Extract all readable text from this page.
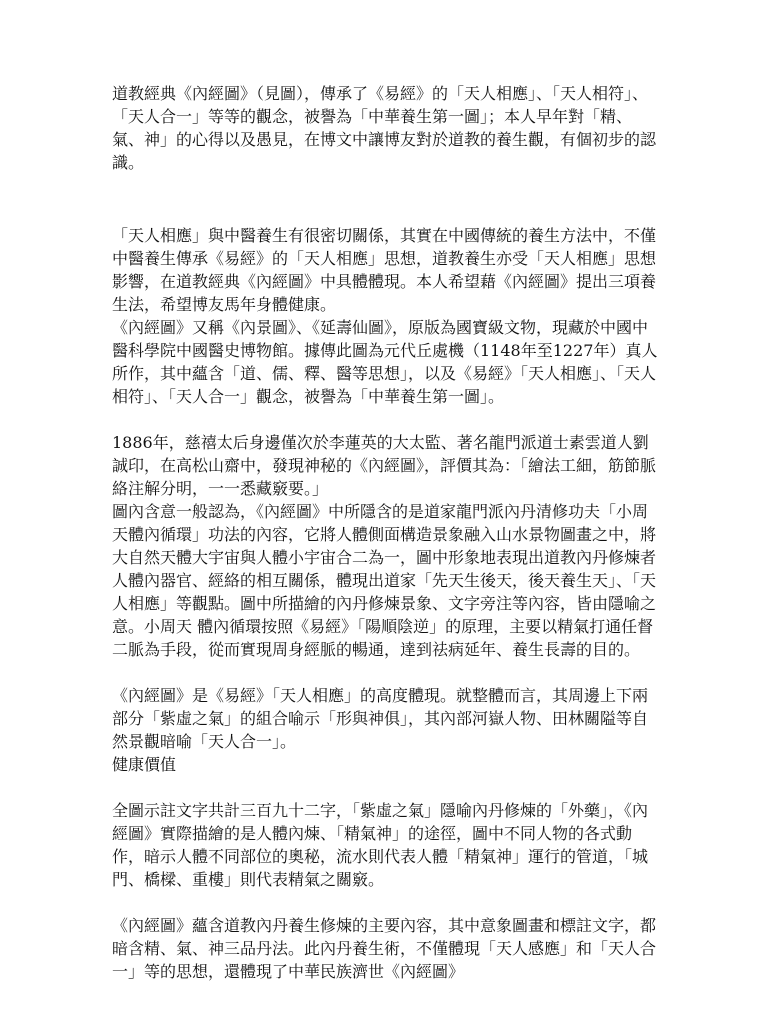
道教經典《內經圖》（見圖），傳承了《易經》的「天人相應」、「天人相符」、「天人合一」等等的觀念，被譽為「中華養生第一圖」；本人早年對「精、氣、神」的心得以及愚見，在博文中讓博友對於道教的養生觀，有個初步的認識。

「天人相應」與中醫養生有很密切關係，其實在中國傳統的養生方法中，不僅中醫養生傳承《易經》的「天人相應」思想，道教養生亦受「天人相應」思想影響，在道教經典《內經圖》中具體體現。本人希望藉《內經圖》提出三項養生法，希望博友馬年身體健康。

《內經圖》又稱《內景圖》、《延壽仙圖》，原版為國寶級文物，現藏於中國中醫科學院中國醫史博物館。據傳此圖為元代丘處機（1148年至1227年）真人所作，其中蘊含「道、儒、釋、醫等思想」，以及《易經》「天人相應」、「天人相符」、「天人合一」觀念，被譽為「中華養生第一圖」。

1886年，慈禧太后身邊僅次於李蓮英的大太監、著名龍門派道士素雲道人劉誠印，在高松山齋中，發現神秘的《內經圖》，評價其為：「繪法工細，筋節脈絡注解分明，一一悉藏竅要。」

圖內含意一般認為，《內經圖》中所隱含的是道家龍門派內丹清修功夫「小周天體內循環」功法的內容，它將人體側面構造景象融入山水景物圖畫之中，將大自然天體大宇宙與人體小宇宙合二為一，圖中形象地表現出道教內丹修煉者人體內器官、經絡的相互關係，體現出道家「先天生後天，後天養生天」、「天人相應」等觀點。圖中所描繪的內丹修煉景象、文字旁注等內容，皆由隱喻之意。小周天 體內循環按照《易經》「陽順陰逆」的原理，主要以精氣打通任督二脈為手段，從而實現周身經脈的暢通，達到祛病延年、養生長壽的目的。

《內經圖》是《易經》「天人相應」的高度體現。就整體而言，其周邊上下兩部分「紫虛之氣」的組合喻示「形與神俱」，其內部河嶽人物、田林關隘等自然景觀暗喻「天人合一」。

健康價值

全圖示註文字共計三百九十二字，「紫虛之氣」隱喻內丹修煉的「外藥」，《內經圖》實際描繪的是人體內煉、「精氣神」的途徑，圖中不同人物的各式動作，暗示人體不同部位的奧秘，流水則代表人體「精氣神」運行的管道，「城門、橋樑、重樓」則代表精氣之關竅。

《內經圖》蘊含道教內丹養生修煉的主要內容，其中意象圖畫和標註文字，都暗含精、氣、神三品丹法。此內丹養生術，不僅體現「天人感應」和「天人合一」等的思想，還體現了中華民族濟世《內經圖》
